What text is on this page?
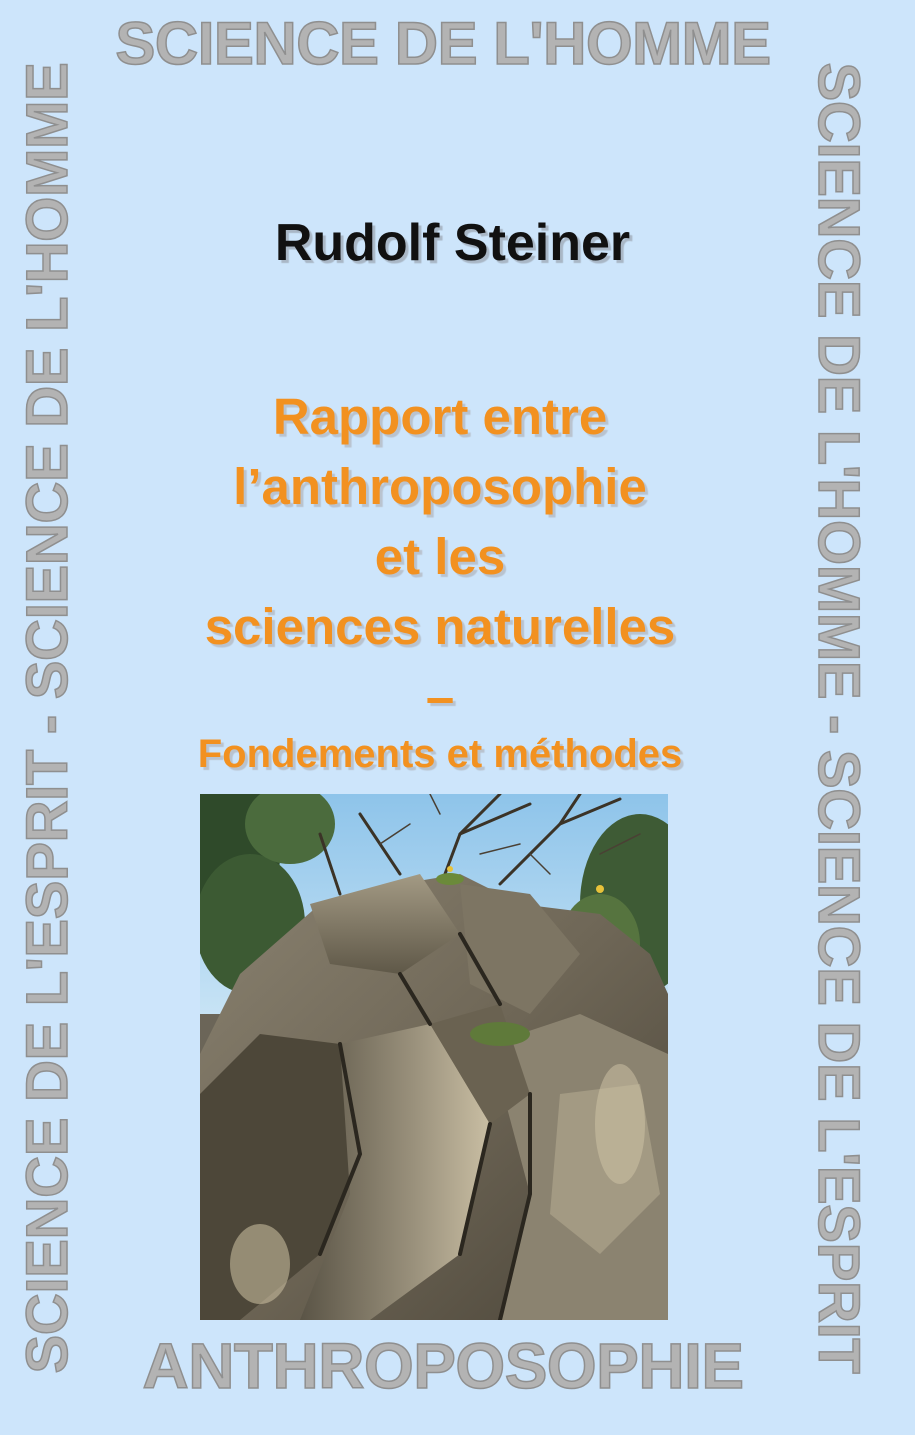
SCIENCE DE L'HOMME
SCIENCE DE L'ESPRIT - SCIENCE DE L'HOMME	SCIENCE DE L'HOMME - SCIENCE DE L'ESPRIT
ANTHROPOSOPHIE
Rudolf Steiner
Rapport entre
l’anthroposophie
et les
sciences naturelles
–
Fondements et méthodes
